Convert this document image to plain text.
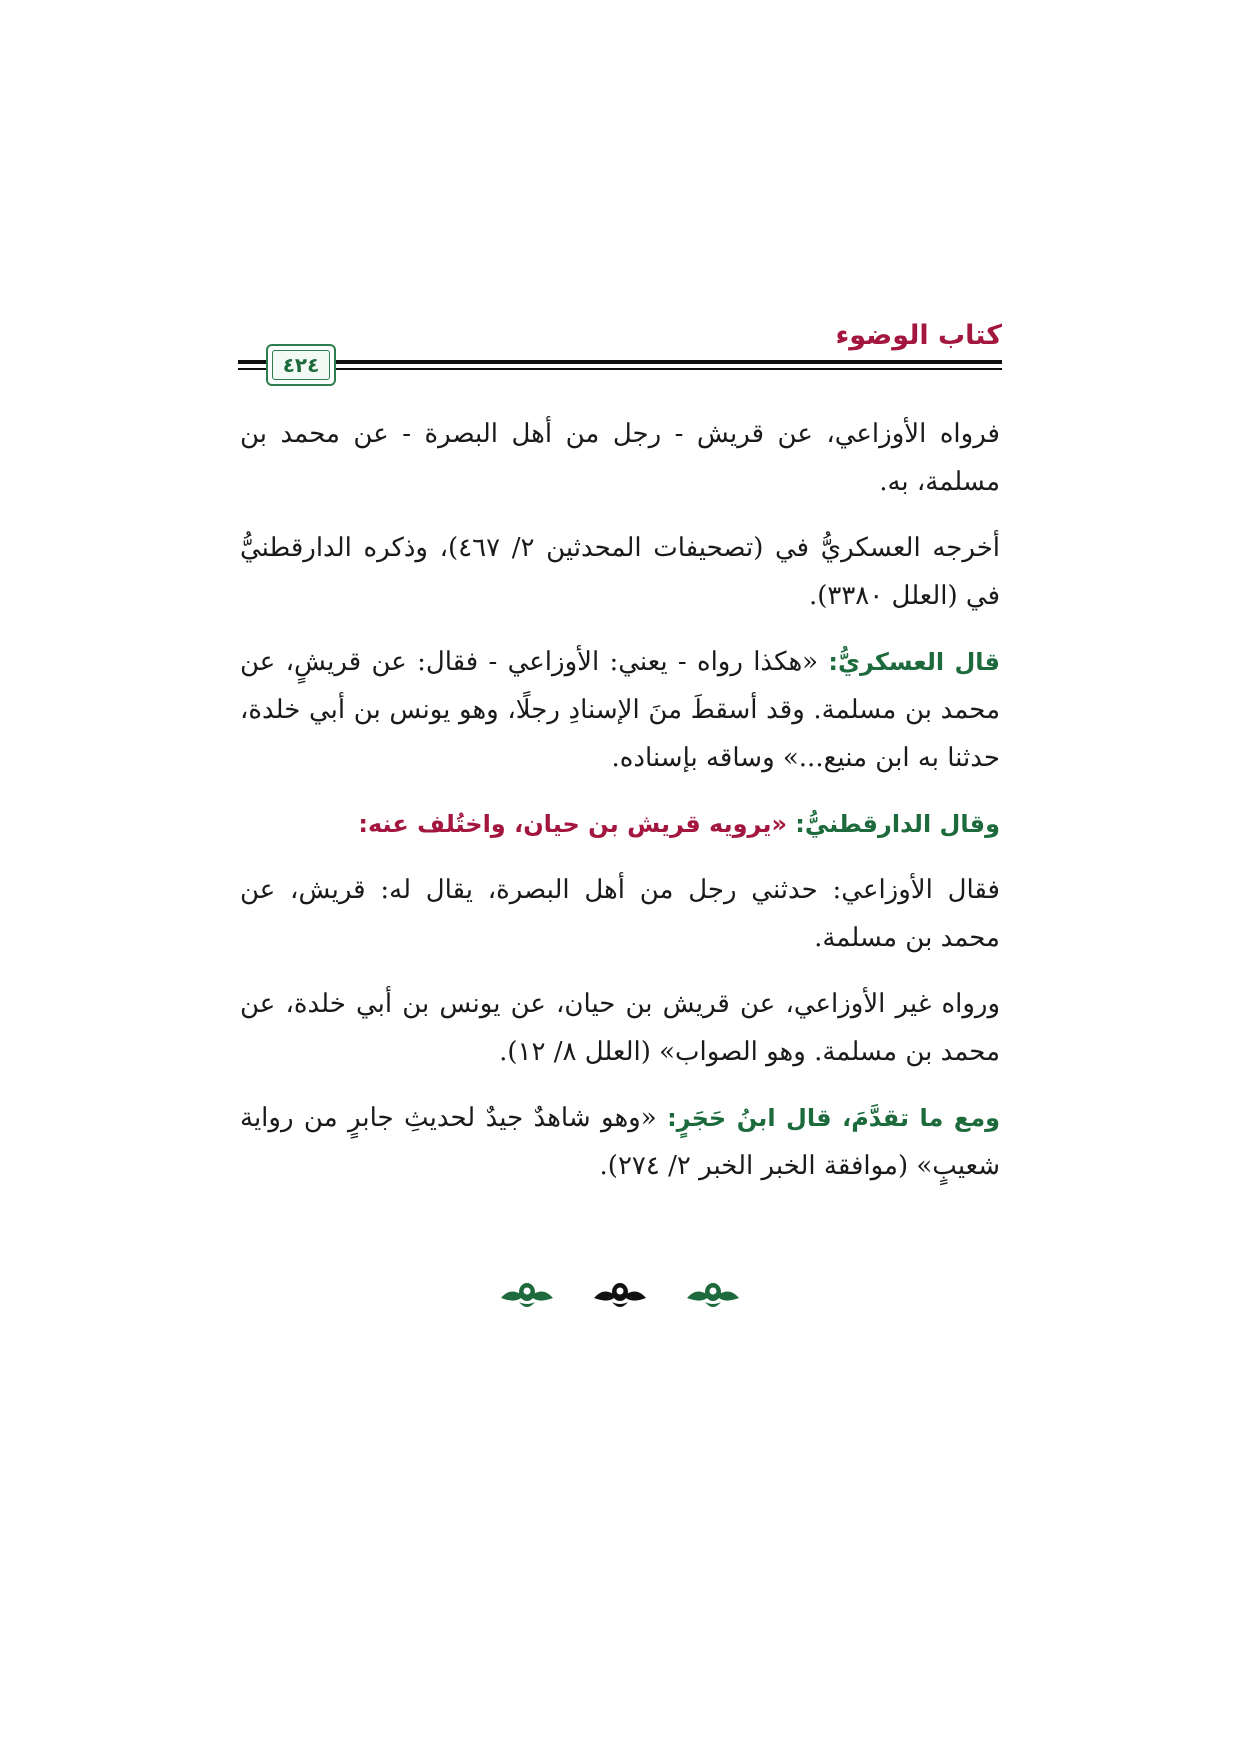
كتاب الوضوء
٤٢٤

فرواه الأوزاعي، عن قريش - رجل من أهل البصرة - عن محمد بن مسلمة، به.

أخرجه العسكريُّ في (تصحيفات المحدثين ٢/ ٤٦٧)، وذكره الدارقطنيُّ في (العلل ٣٣٨٠).

قال العسكريُّ: «هكذا رواه - يعني: الأوزاعي - فقال: عن قريشٍ، عن محمد بن مسلمة. وقد أسقطَ منَ الإسنادِ رجلًا، وهو يونس بن أبي خلدة، حدثنا به ابن منيع...» وساقه بإسناده.

وقال الدارقطنيُّ: «يرويه قريش بن حيان، واختُلف عنه:

فقال الأوزاعي: حدثني رجل من أهل البصرة، يقال له: قريش، عن محمد بن مسلمة.

ورواه غير الأوزاعي، عن قريش بن حيان، عن يونس بن أبي خلدة، عن محمد بن مسلمة. وهو الصواب» (العلل ٨/ ١٢).

ومع ما تقدَّمَ، قال ابنُ حَجَرٍ: «وهو شاهدٌ جيدٌ لحديثِ جابرٍ من رواية شعيبٍ» (موافقة الخبر الخبر ٢/ ٢٧٤).
